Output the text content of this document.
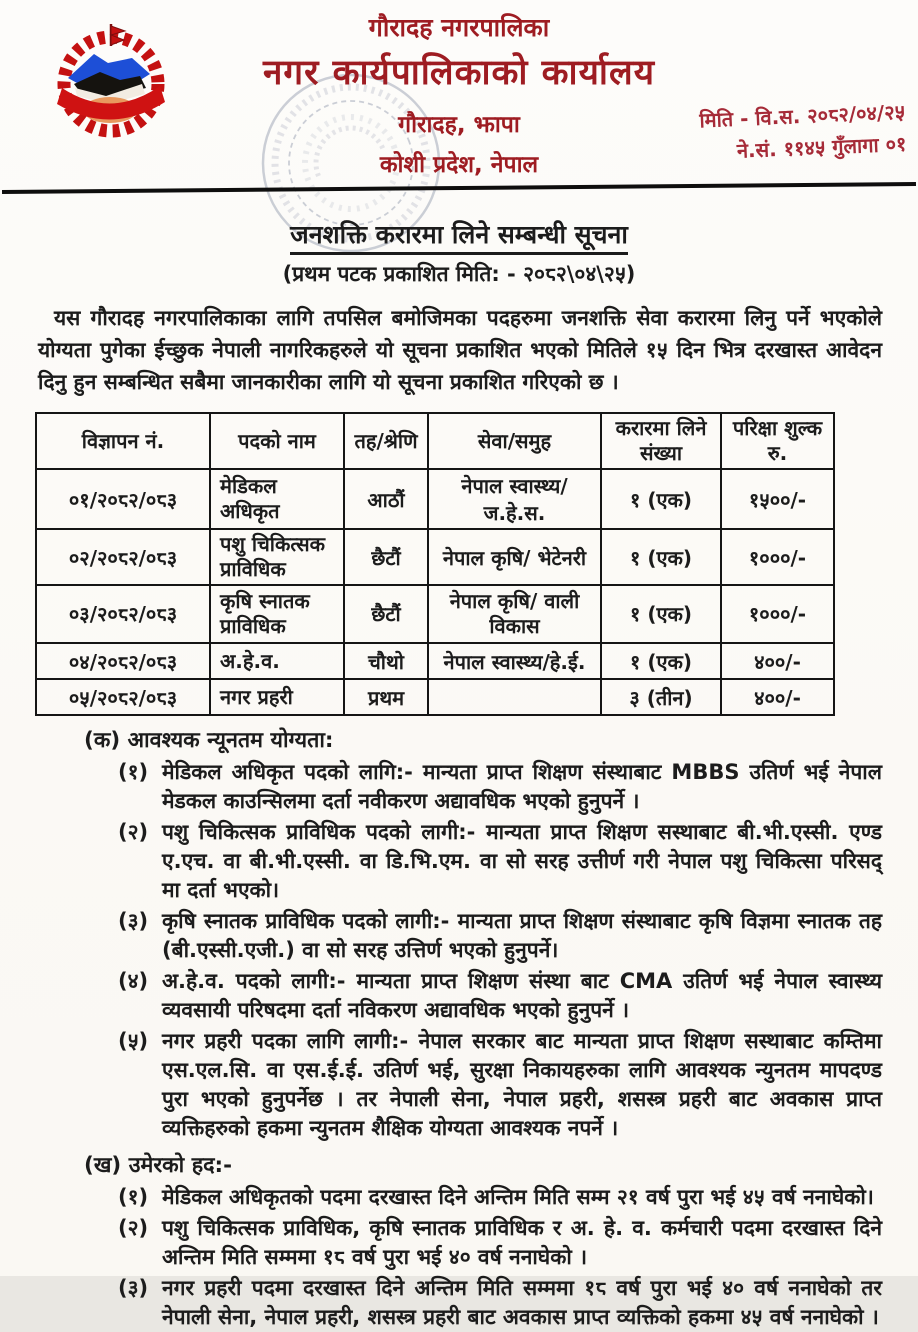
गौरादह नगरपालिका
नगर कार्यपालिकाको कार्यालय
गौरादह, झापा
कोशी प्रदेश, नेपाल
मिति - वि.स. २०८२/०४/२५
ने.सं. ११४५ गुँलागा ०१
जनशक्ति करारमा लिने सम्बन्धी सूचना
(प्रथम पटक प्रकाशित मिति: - २०८२\०४\२५)
यस गौरादह नगरपालिकाका लागि तपसिल बमोजिमका पदहरुमा जनशक्ति सेवा करारमा लिनु पर्ने भएकोले योग्यता पुगेका ईच्छुक नेपाली नागरिकहरुले यो सूचना प्रकाशित भएको मितिले १५ दिन भित्र दरखास्त आवेदन दिनु हुन सम्बन्धित सबैमा जानकारीका लागि यो सूचना प्रकाशित गरिएको छ ।
विज्ञापन नं.	पदको नाम	तह/श्रेणि	सेवा/समुह	करारमा लिने संख्या	परिक्षा शुल्क रु.
०१/२०८२/०८३	मेडिकल अधिकृत	आठौं	नेपाल स्वास्थ्य/ज.हे.स.	१ (एक)	१५००/-
०२/२०८२/०८३	पशु चिकित्सक प्राविधिक	छैटौं	नेपाल कृषि/ भेटेनरी	१ (एक)	१०००/-
०३/२०८२/०८३	कृषि स्नातक प्राविधिक	छैटौं	नेपाल कृषि/ वाली विकास	१ (एक)	१०००/-
०४/२०८२/०८३	अ.हे.व.	चौथो	नेपाल स्वास्थ्य/हे.ई.	१ (एक)	४००/-
०५/२०८२/०८३	नगर प्रहरी	प्रथम		३ (तीन)	४००/-
(क) आवश्यक न्यूनतम योग्यता:
(१) मेडिकल अधिकृत पदको लागि:- मान्यता प्राप्त शिक्षण संस्थाबाट MBBS उतिर्ण भई नेपाल मेडकल काउन्सिलमा दर्ता नवीकरण अद्यावधिक भएको हुनुपर्ने ।
(२) पशु चिकित्सक प्राविधिक पदको लागी:- मान्यता प्राप्त शिक्षण सस्थाबाट बी.भी.एस्सी. एण्ड ए.एच. वा बी.भी.एस्सी. वा डि.भि.एम. वा सो सरह उत्तीर्ण गरी नेपाल पशु चिकित्सा परिसद् मा दर्ता भएको।
(३) कृषि स्नातक प्राविधिक पदको लागी:- मान्यता प्राप्त शिक्षण संस्थाबाट कृषि विज्ञमा स्नातक तह (बी.एस्सी.एजी.) वा सो सरह उत्तिर्ण भएको हुनुपर्ने।
(४) अ.हे.व. पदको लागी:- मान्यता प्राप्त शिक्षण संस्था बाट CMA उतिर्ण भई नेपाल स्वास्थ्य व्यवसायी परिषदमा दर्ता नविकरण अद्यावधिक भएको हुनुपर्ने ।
(५) नगर प्रहरी पदका लागि लागी:- नेपाल सरकार बाट मान्यता प्राप्त शिक्षण सस्थाबाट कम्तिमा एस.एल.सि. वा एस.ई.ई. उतिर्ण भई, सुरक्षा निकायहरुका लागि आवश्यक न्युनतम मापदण्ड पुरा भएको हुनुपर्नेछ । तर नेपाली सेना, नेपाल प्रहरी, शसस्त्र प्रहरी बाट अवकास प्राप्त व्यक्तिहरुको हकमा न्युनतम शैक्षिक योग्यता आवश्यक नपर्ने ।
(ख) उमेरको हद:-
(१) मेडिकल अधिकृतको पदमा दरखास्त दिने अन्तिम मिति सम्म २१ वर्ष पुरा भई ४५ वर्ष ननाघेको।
(२) पशु चिकित्सक प्राविधिक, कृषि स्नातक प्राविधिक र अ. हे. व. कर्मचारी पदमा दरखास्त दिने अन्तिम मिति सम्ममा १८ वर्ष पुरा भई ४० वर्ष ननाघेको ।
(३) नगर प्रहरी पदमा दरखास्त दिने अन्तिम मिति सम्ममा १८ वर्ष पुरा भई ४० वर्ष ननाघेको तर नेपाली सेना, नेपाल प्रहरी, शसस्त्र प्रहरी बाट अवकास प्राप्त व्यक्तिको हकमा ४५ वर्ष ननाघेको ।
